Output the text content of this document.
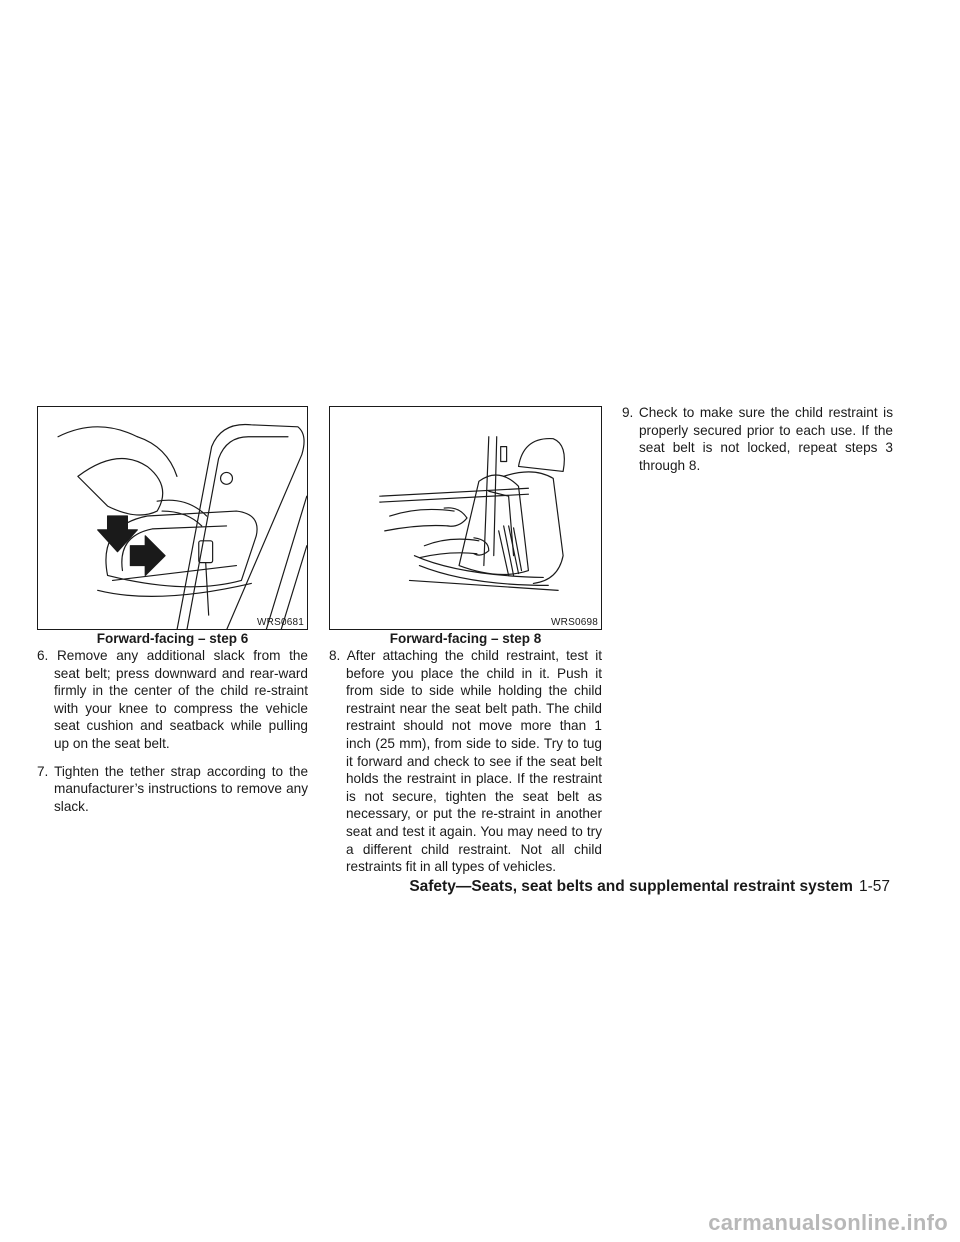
WRS0681
Forward-facing – step 6

6. Remove any additional slack from the seat belt; press downward and rear-ward firmly in the center of the child re-straint with your knee to compress the vehicle seat cushion and seatback while pulling up on the seat belt.

7. Tighten the tether strap according to the manufacturer’s instructions to remove any slack.

WRS0698
Forward-facing – step 8

8. After attaching the child restraint, test it before you place the child in it. Push it from side to side while holding the child restraint near the seat belt path. The child restraint should not move more than 1 inch (25 mm), from side to side. Try to tug it forward and check to see if the seat belt holds the restraint in place. If the restraint is not secure, tighten the seat belt as necessary, or put the re-straint in another seat and test it again. You may need to try a different child restraint. Not all child restraints fit in all types of vehicles.

9. Check to make sure the child restraint is properly secured prior to each use. If the seat belt is not locked, repeat steps 3 through 8.

Safety—Seats, seat belts and supplemental restraint system 1-57
carmanualsonline.info
